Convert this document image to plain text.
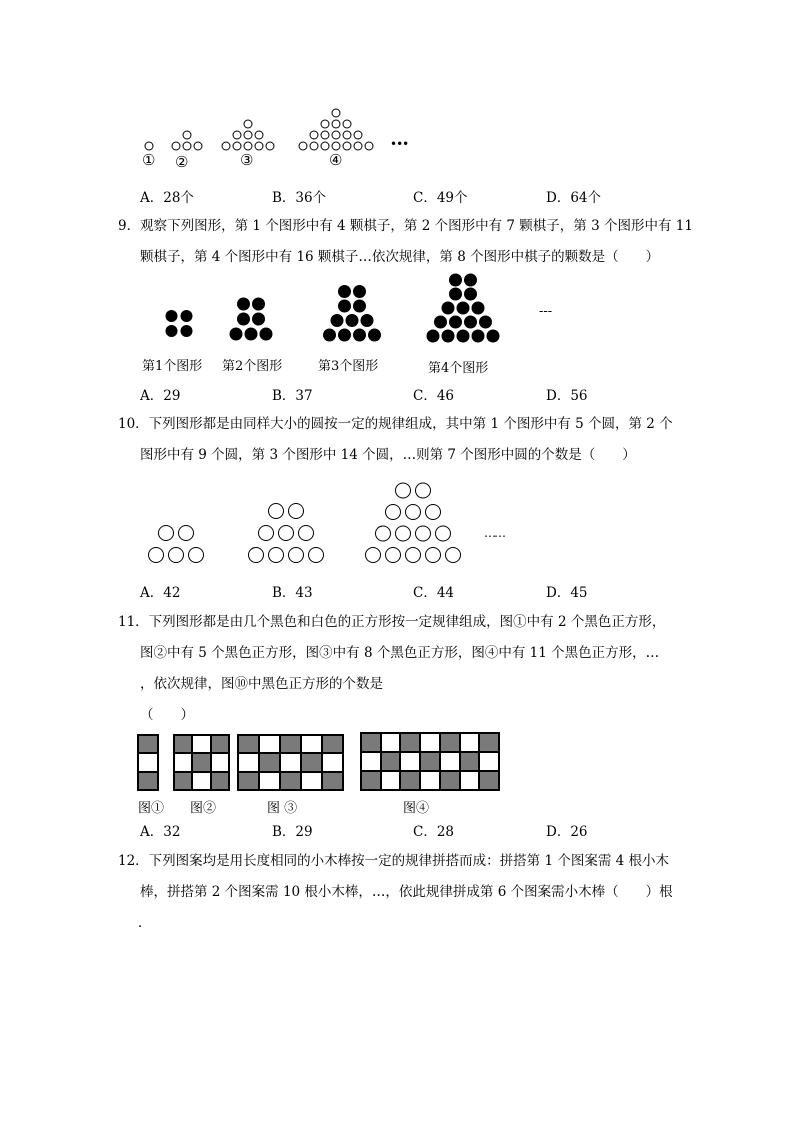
① ②	③	④
•••
A．28个	B．36个	C．49个	D．64个
9．观察下列图形，第 1 个图形中有 4 颗棋子，第 2 个图形中有 7 颗棋子，第 3 个图形中有 11
颗棋子，第 4 个图形中有 16 颗棋子…依次规律，第 8 个图形中棋子的颗数是（　　）
---
第1个图形 第2个图形	第3个图形	第4个图形
A．29	B．37	C．46	D．56
10．下列图形都是由同样大小的圆按一定的规律组成，其中第 1 个图形中有 5 个圆，第 2 个
图形中有 9 个圆，第 3 个图形中 14 个圆，…则第 7 个图形中圆的个数是（　　）
……
A．42	B．43	C．44	D．45
11．下列图形都是由几个黑色和白色的正方形按一定规律组成，图①中有 2 个黑色正方形，
图②中有 5 个黑色正方形，图③中有 8 个黑色正方形，图④中有 11 个黑色正方形，…
，依次规律，图⑩中黑色正方形的个数是
（　　）
图① 图②	图 ③	图④
A．32	B．29	C．28	D．26
12．下列图案均是用长度相同的小木棒按一定的规律拼搭而成：拼搭第 1 个图案需 4 根小木
棒，拼搭第 2 个图案需 10 根小木棒，…，依此规律拼成第 6 个图案需小木棒（　　）根
．
